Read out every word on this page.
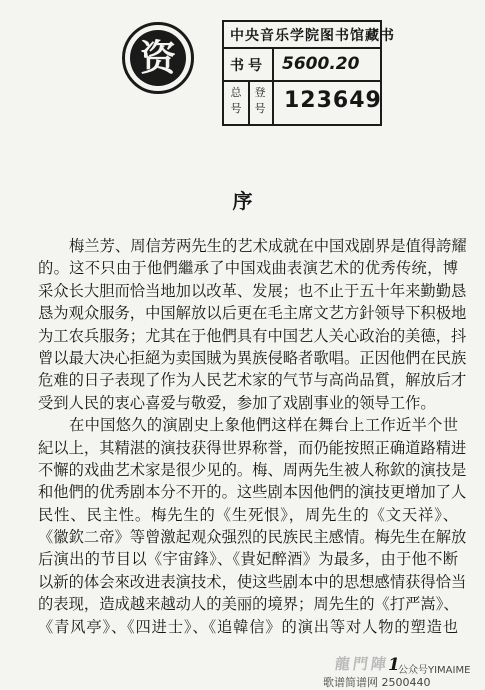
资
中央音乐学院图书馆藏书
书号 5600.20
总号
登号 123649
序
梅兰芳、周信芳两先生的艺术成就在中国戏剧界是值得誇耀
的。这不只由于他們繼承了中国戏曲表演艺术的优秀传统，博
采众长大胆而恰当地加以改革、发展；也不止于五十年来勤勤恳
恳为观众服务，中国解放以后更在毛主席文艺方針领导下积极地
为工农兵服务；尤其在于他們具有中国艺人关心政治的美德，抖
曾以最大决心拒絕为卖国賊为異族侵略者歌唱。正因他們在民族
危难的日子表现了作为人民艺术家的气节与高尚品質，解放后才
受到人民的衷心喜爱与敬爱，参加了戏剧事业的领导工作。
在中国悠久的演剧史上象他們这样在舞台上工作近半个世
紀以上，其精湛的演技获得世界称誉，而仍能按照正确道路精进
不懈的戏曲艺术家是很少见的。梅、周两先生被人称欽的演技是
和他們的优秀剧本分不开的。这些剧本因他們的演技更增加了人
民性、民主性。梅先生的《生死恨》，周先生的《文天祥》、
《徽欽二帝》等曾激起观众强烈的民族民主感情。梅先生在解放
后演出的节目以《宇宙鋒》、《貴妃醉酒》为最多，由于他不断
以新的体会來改进表演技术，使这些剧本中的思想感情获得恰当
的表现，造成越来越动人的美丽的境界；周先生的《打严嵩》、
《青风亭》、《四进士》、《追韓信》的演出等对人物的塑造也
龍門陣
1
公众号YIMAIME
歌谱简谱网 2500440
